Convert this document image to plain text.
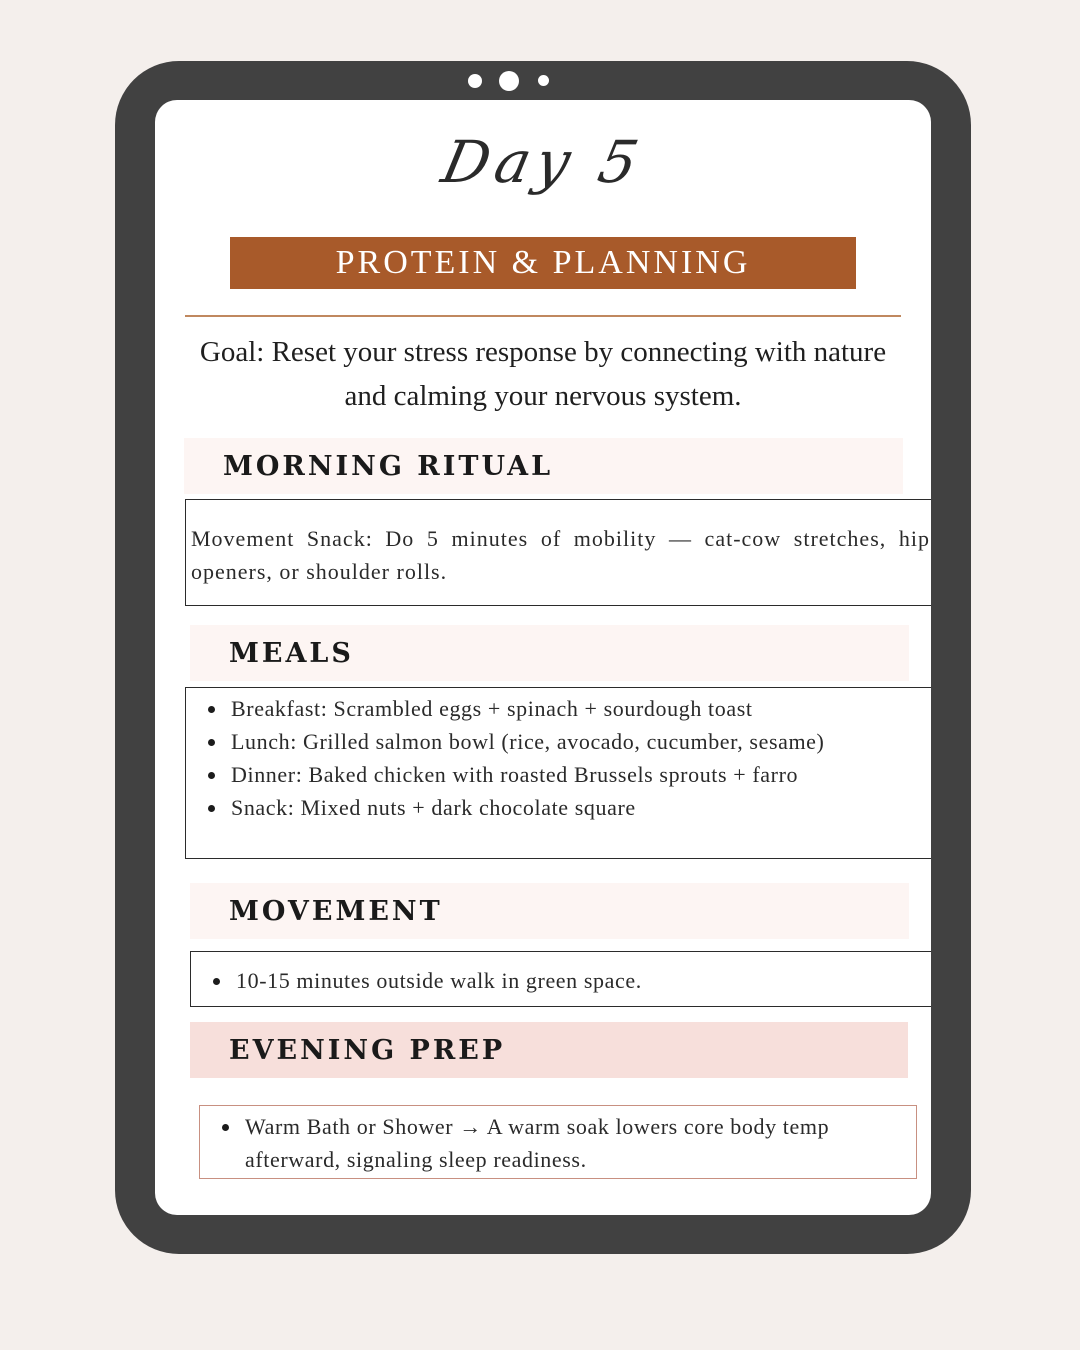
Day 5
PROTEIN & PLANNING
Goal: Reset your stress response by connecting with nature and calming your nervous system.
MORNING RITUAL
Movement Snack: Do 5 minutes of mobility — cat-cow stretches, hip openers, or shoulder rolls.
MEALS
Breakfast: Scrambled eggs + spinach + sourdough toast
Lunch: Grilled salmon bowl (rice, avocado, cucumber, sesame)
Dinner: Baked chicken with roasted Brussels sprouts + farro
Snack: Mixed nuts + dark chocolate square
MOVEMENT
10-15 minutes outside walk in green space.
EVENING PREP
Warm Bath or Shower → A warm soak lowers core body temp afterward, signaling sleep readiness.
